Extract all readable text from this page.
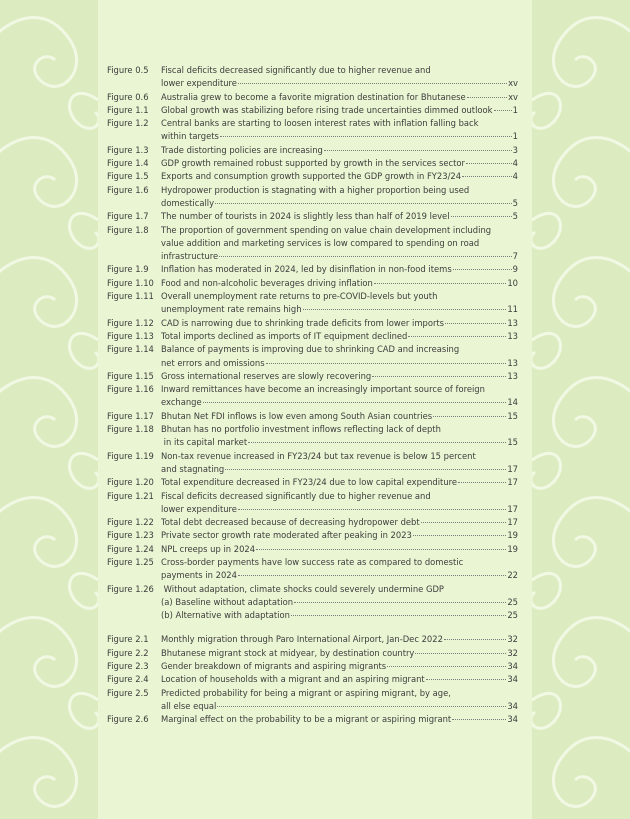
Figure 0.5	Fiscal deficits decreased significantly due to higher revenue and
lower expenditure	xv
Figure 0.6	Australia grew to become a favorite migration destination for Bhutanese	xv
Figure 1.1	Global growth was stabilizing before rising trade uncertainties dimmed outlook 1
Figure 1.2	Central banks are starting to loosen interest rates with inflation falling back
within targets	1
Figure 1.3	Trade distorting policies are increasing	3
Figure 1.4	GDP growth remained robust supported by growth in the services sector	4
Figure 1.5	Exports and consumption growth supported the GDP growth in FY23/24	4
Figure 1.6	Hydropower production is stagnating with a higher proportion being used
domestically	5
Figure 1.7	The number of tourists in 2024 is slightly less than half of 2019 level	5
Figure 1.8	The proportion of government spending on value chain development including
value addition and marketing services is low compared to spending on road
infrastructure	7
Figure 1.9	Inflation has moderated in 2024, led by disinflation in non-food items	9
Figure 1.10 Food and non-alcoholic beverages driving inflation	10
Figure 1.11 Overall unemployment rate returns to pre-COVID-levels but youth
unemployment rate remains high	11
Figure 1.12 CAD is narrowing due to shrinking trade deficits from lower imports	13
Figure 1.13 Total imports declined as imports of IT equipment declined	13
Figure 1.14 Balance of payments is improving due to shrinking CAD and increasing
net errors and omissions	13
Figure 1.15 Gross international reserves are slowly recovering	13
Figure 1.16 Inward remittances have become an increasingly important source of foreign
exchange	14
Figure 1.17 Bhutan Net FDI inflows is low even among South Asian countries	15
Figure 1.18 Bhutan has no portfolio investment inflows reflecting lack of depth
in its capital market	15
Figure 1.19 Non-tax revenue increased in FY23/24 but tax revenue is below 15 percent
and stagnating	17
Figure 1.20 Total expenditure decreased in FY23/24 due to low capital expenditure	17
Figure 1.21 Fiscal deficits decreased significantly due to higher revenue and
lower expenditure	17
Figure 1.22 Total debt decreased because of decreasing hydropower debt	17
Figure 1.23 Private sector growth rate moderated after peaking in 2023	19
Figure 1.24 NPL creeps up in 2024	19
Figure 1.25 Cross-border payments have low success rate as compared to domestic
payments in 2024	22
Figure 1.26 Without adaptation, climate shocks could severely undermine GDP
(a) Baseline without adaptation	25
(b) Alternative with adaptation	25
Figure 2.1	Monthly migration through Paro International Airport, Jan-Dec 2022	32
Figure 2.2	Bhutanese migrant stock at midyear, by destination country	32
Figure 2.3	Gender breakdown of migrants and aspiring migrants	34
Figure 2.4	Location of households with a migrant and an aspiring migrant	34
Figure 2.5	Predicted probability for being a migrant or aspiring migrant, by age,
all else equal	34
Figure 2.6	Marginal effect on the probability to be a migrant or aspiring migrant	34
